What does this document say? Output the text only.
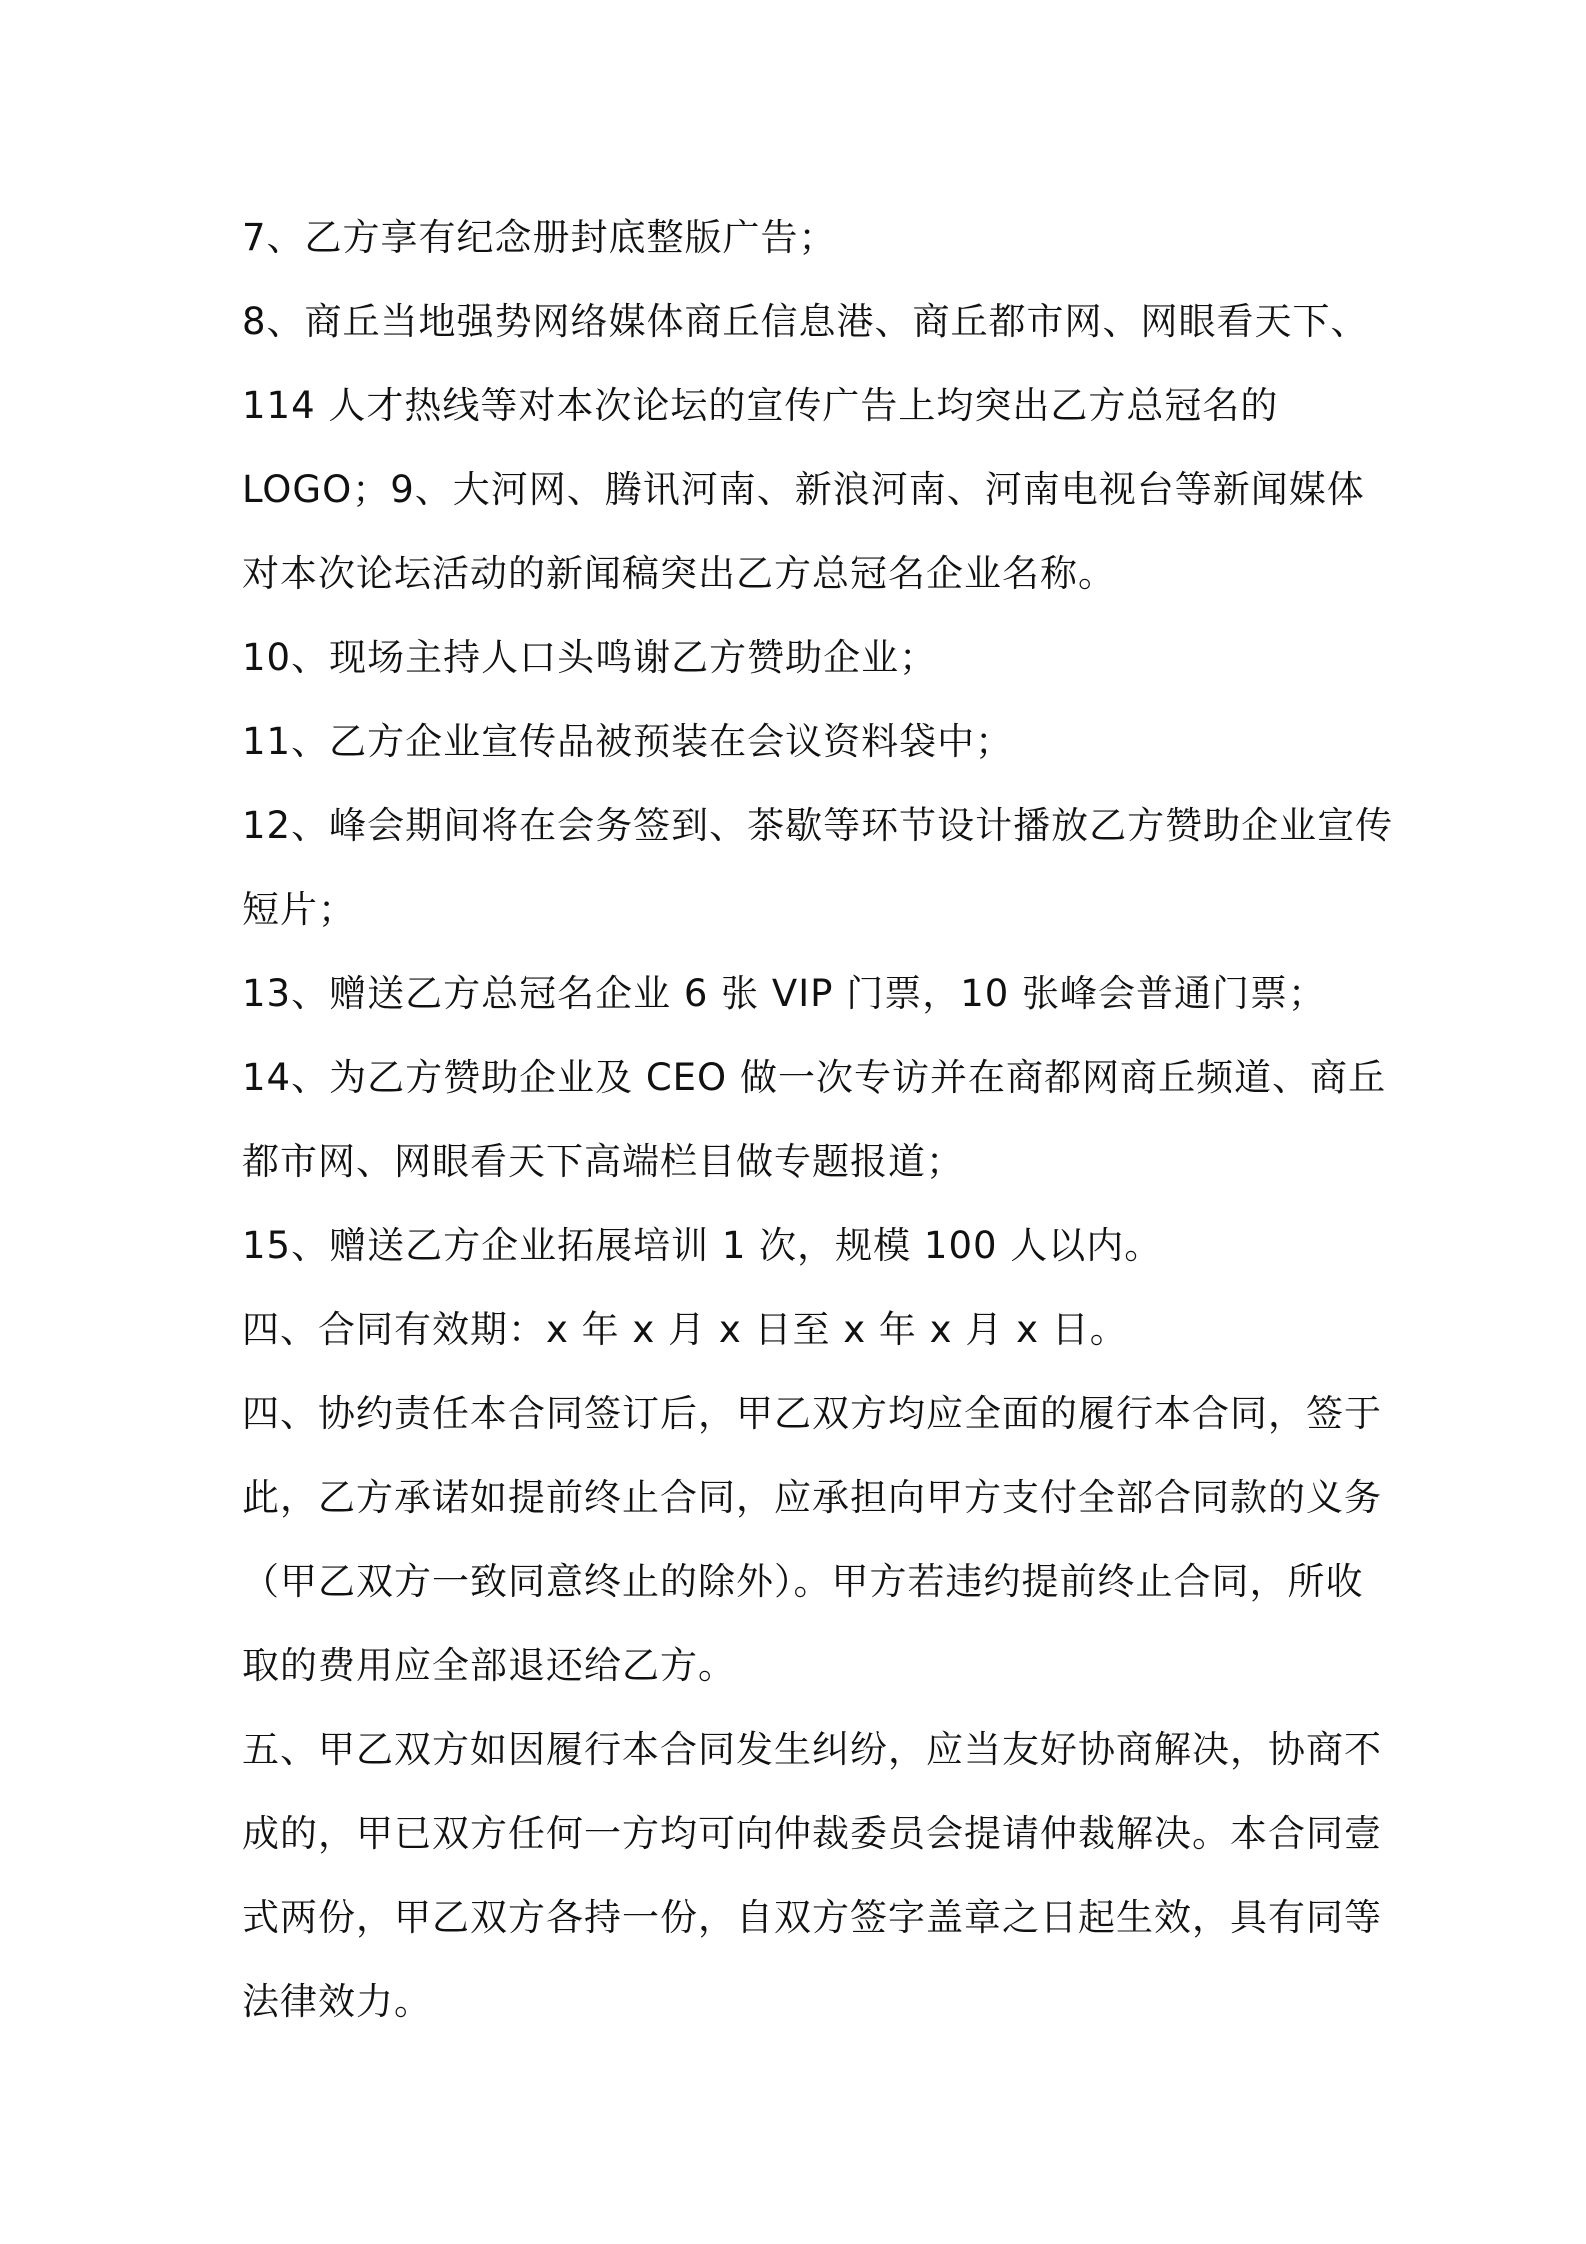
7、乙方享有纪念册封底整版广告；
8、商丘当地强势网络媒体商丘信息港、商丘都市网、网眼看天下、
114 人才热线等对本次论坛的宣传广告上均突出乙方总冠名的
LOGO；9、大河网、腾讯河南、新浪河南、河南电视台等新闻媒体
对本次论坛活动的新闻稿突出乙方总冠名企业名称。
10、现场主持人口头鸣谢乙方赞助企业；
11、乙方企业宣传品被预装在会议资料袋中；
12、峰会期间将在会务签到、茶歇等环节设计播放乙方赞助企业宣传
短片；
13、赠送乙方总冠名企业 6 张 VIP 门票，10 张峰会普通门票；
14、为乙方赞助企业及 CEO 做一次专访并在商都网商丘频道、商丘
都市网、网眼看天下高端栏目做专题报道；
15、赠送乙方企业拓展培训 1 次，规模 100 人以内。
四、合同有效期：x 年 x 月 x 日至 x 年 x 月 x 日。
四、协约责任本合同签订后，甲乙双方均应全面的履行本合同，签于
此，乙方承诺如提前终止合同，应承担向甲方支付全部合同款的义务
（甲乙双方一致同意终止的除外）。甲方若违约提前终止合同，所收
取的费用应全部退还给乙方。
五、甲乙双方如因履行本合同发生纠纷，应当友好协商解决，协商不
成的，甲已双方任何一方均可向仲裁委员会提请仲裁解决。本合同壹
式两份，甲乙双方各持一份，自双方签字盖章之日起生效，具有同等
法律效力。
